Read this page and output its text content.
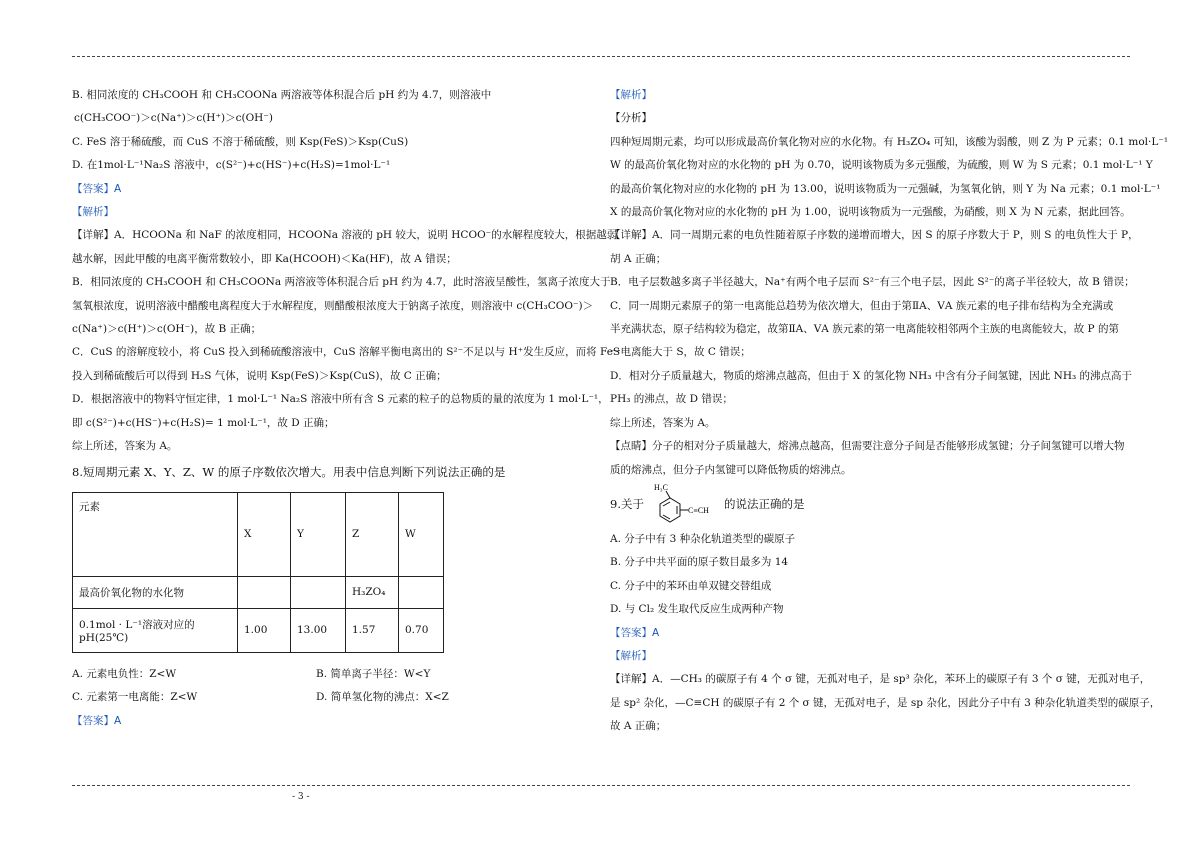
B. 相同浓度的 CH₃COOH 和 CH₃COONa 两溶液等体积混合后 pH 约为 4.7，则溶液中

c(CH₃COO⁻)＞c(Na⁺)＞c(H⁺)＞c(OH⁻)

C. FeS 溶于稀硫酸，而 CuS 不溶于稀硫酸，则 Ksp(FeS)＞Ksp(CuS)

D. 在1mol·L⁻¹Na₂S 溶液中，c(S²⁻)+c(HS⁻)+c(H₂S)=1mol·L⁻¹

【答案】A

【解析】

【详解】A．HCOONa 和 NaF 的浓度相同，HCOONa 溶液的 pH 较大，说明 HCOO⁻的水解程度较大，根据越弱

越水解，因此甲酸的电离平衡常数较小，即 Ka(HCOOH)＜Ka(HF)，故 A 错误；

B．相同浓度的 CH₃COOH 和 CH₃COONa 两溶液等体积混合后 pH 约为 4.7，此时溶液呈酸性，氢离子浓度大于

氢氧根浓度，说明溶液中醋酸电离程度大于水解程度，则醋酸根浓度大于钠离子浓度，则溶液中 c(CH₃COO⁻)＞

c(Na⁺)＞c(H⁺)＞c(OH⁻)，故 B 正确；

C．CuS 的溶解度较小，将 CuS 投入到稀硫酸溶液中，CuS 溶解平衡电离出的 S²⁻不足以与 H⁺发生反应，而将 FeS

投入到稀硫酸后可以得到 H₂S 气体，说明 Ksp(FeS)＞Ksp(CuS)，故 C 正确；

D．根据溶液中的物料守恒定律，1 mol·L⁻¹ Na₂S 溶液中所有含 S 元素的粒子的总物质的量的浓度为 1 mol·L⁻¹，

即 c(S²⁻)+c(HS⁻)+c(H₂S)= 1 mol·L⁻¹，故 D 正确；

综上所述，答案为 A。

8.短周期元素 X、Y、Z、W 的原子序数依次增大。用表中信息判断下列说法正确的是

元素	X	Y	Z	W
最高价氧化物的水化物			H₃ZO₄	
0.1mol · L⁻¹溶液对应的 pH(25℃)	1.00	13.00	1.57	0.70
A. 元素电负性：Z<W	B. 简单离子半径：W<Y
C. 元素第一电离能：Z<W	D. 简单氢化物的沸点：X<Z

【答案】A

【解析】

【分析】

四种短周期元素，均可以形成最高价氧化物对应的水化物。有 H₃ZO₄ 可知，该酸为弱酸，则 Z 为 P 元素；0.1 mol·L⁻¹

W 的最高价氧化物对应的水化物的 pH 为 0.70，说明该物质为多元强酸，为硫酸，则 W 为 S 元素；0.1 mol·L⁻¹ Y

的最高价氧化物对应的水化物的 pH 为 13.00，说明该物质为一元强碱，为氢氧化钠，则 Y 为 Na 元素；0.1 mol·L⁻¹

X 的最高价氧化物对应的水化物的 pH 为 1.00，说明该物质为一元强酸，为硝酸，则 X 为 N 元素，据此回答。

【详解】A．同一周期元素的电负性随着原子序数的递增而增大，因 S 的原子序数大于 P，则 S 的电负性大于 P，

胡 A 正确；

B．电子层数越多离子半径越大，Na⁺有两个电子层而 S²⁻有三个电子层，因此 S²⁻的离子半径较大，故 B 错误；

C．同一周期元素原子的第一电离能总趋势为依次增大，但由于第ⅡA、ⅤA 族元素的电子排布结构为全充满或

半充满状态，原子结构较为稳定，故第ⅡA、ⅤA 族元素的第一电离能较相邻两个主族的电离能较大，故 P 的第

一电离能大于 S，故 C 错误；

D．相对分子质量越大，物质的熔沸点越高，但由于 X 的氢化物 NH₃ 中含有分子间氢键，因此 NH₃ 的沸点高于

PH₃ 的沸点，故 D 错误；

综上所述，答案为 A。

【点睛】分子的相对分子质量越大，熔沸点越高，但需要注意分子间是否能够形成氢键；分子间氢键可以增大物

质的熔沸点，但分子内氢键可以降低物质的熔沸点。

9.关于
H₃C
C≡CH 的说法正确的是

A. 分子中有 3 种杂化轨道类型的碳原子

B. 分子中共平面的原子数目最多为 14

C. 分子中的苯环由单双键交替组成

D. 与 Cl₂ 发生取代反应生成两种产物

【答案】A

【解析】

【详解】A．—CH₃ 的碳原子有 4 个 σ 键，无孤对电子，是 sp³ 杂化，苯环上的碳原子有 3 个 σ 键，无孤对电子，

是 sp² 杂化，—C≡CH 的碳原子有 2 个 σ 键，无孤对电子，是 sp 杂化，因此分子中有 3 种杂化轨道类型的碳原子，

故 A 正确；

- 3 -
